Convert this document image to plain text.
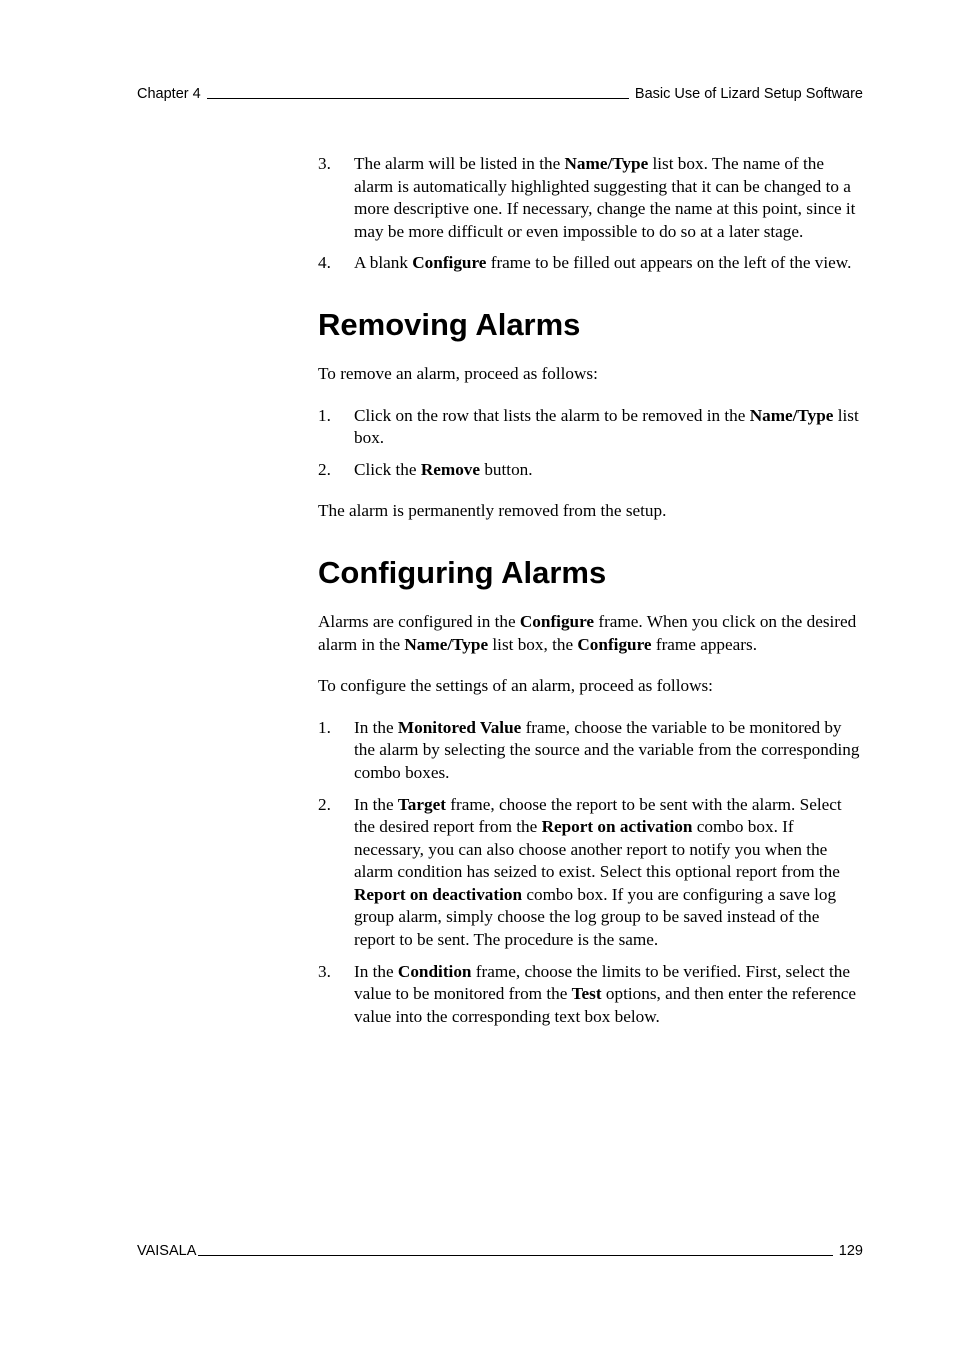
Chapter 4	Basic Use of Lizard Setup Software
3. The alarm will be listed in the Name/Type list box. The name of the alarm is automatically highlighted suggesting that it can be changed to a more descriptive one. If necessary, change the name at this point, since it may be more difficult or even impossible to do so at a later stage.
4. A blank Configure frame to be filled out appears on the left of the view.
Removing Alarms

To remove an alarm, proceed as follows:

1. Click on the row that lists the alarm to be removed in the Name/​Type list box.
2. Click the Remove button.

The alarm is permanently removed from the setup.

Configuring Alarms

Alarms are configured in the Configure frame. When you click on the desired alarm in the Name/Type list box, the Configure frame appears.

To configure the settings of an alarm, proceed as follows:

1. In the Monitored Value frame, choose the variable to be monitored by the alarm by selecting the source and the variable from the corresponding combo boxes.
2. In the Target frame, choose the report to be sent with the alarm. Select the desired report from the Report on activation combo box. If necessary, you can also choose another report to notify you when the alarm condition has seized to exist. Select this optional report from the Report on deactivation combo box. If you are configuring a save log group alarm, simply choose the log group to be saved instead of the report to be sent. The procedure is the same.
3. In the Condition frame, choose the limits to be verified. First, select the value to be monitored from the Test options, and then enter the reference value into the corresponding text box below.
VAISALA	129
